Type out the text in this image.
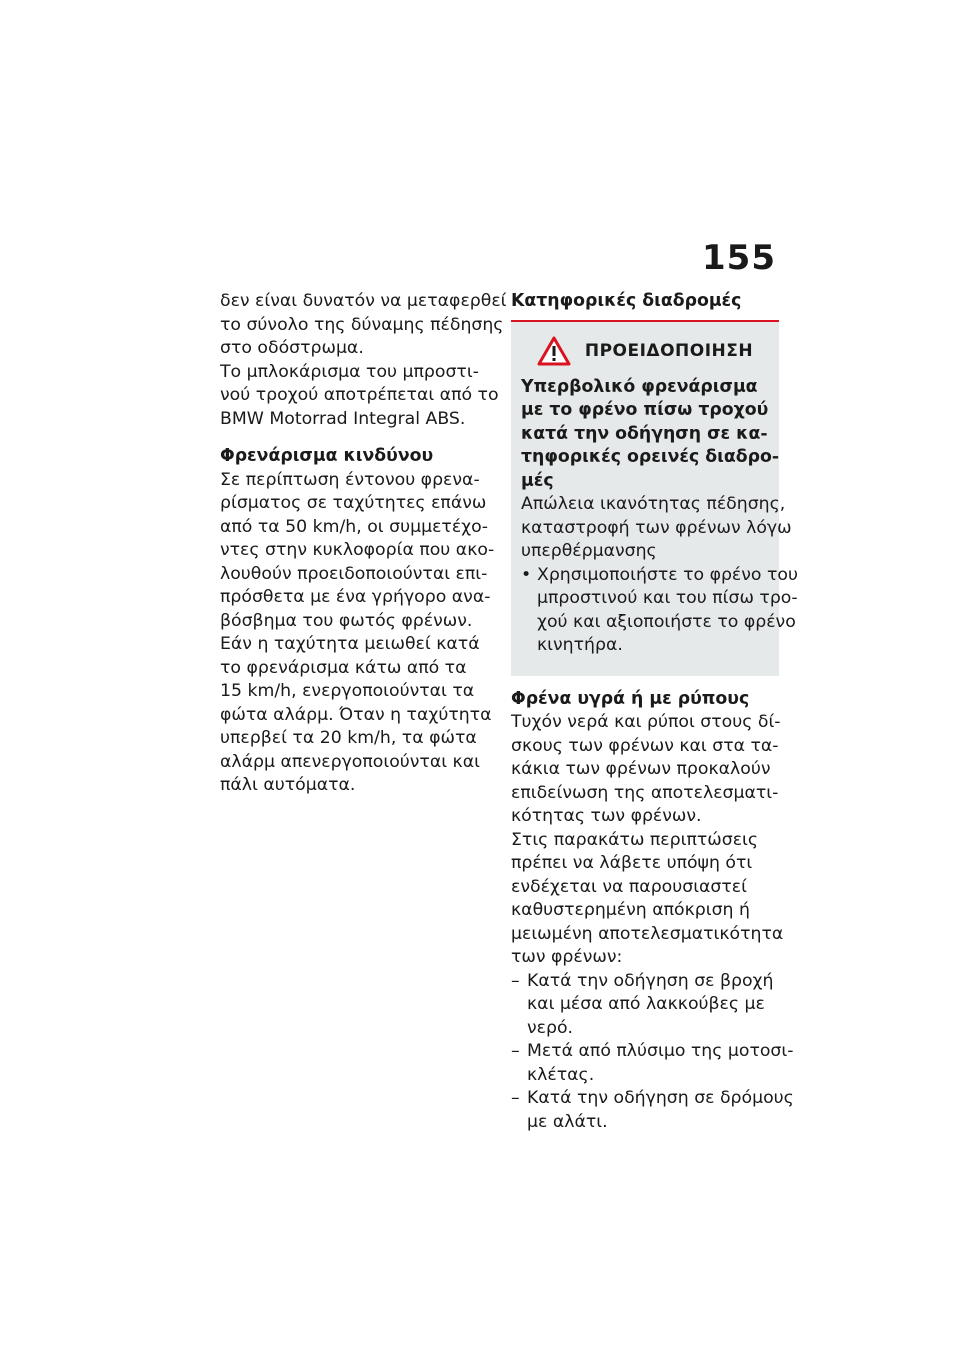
155
δεν είναι δυνατόν να μεταφερθεί
το σύνολο της δύναμης πέδησης
στο οδόστρωμα.
Το μπλοκάρισμα του μπροστι-
νού τροχού αποτρέπεται από το
BMW Motorrad Integral ABS.
Φρενάρισμα κινδύνου
Σε περίπτωση έντονου φρενα-
ρίσματος σε ταχύτητες επάνω
από τα 50 km/h, οι συμμετέχο-
ντες στην κυκλοφορία που ακο-
λουθούν προειδοποιούνται επι-
πρόσθετα με ένα γρήγορο ανα-
βόσβημα του φωτός φρένων.
Εάν η ταχύτητα μειωθεί κατά
το φρενάρισμα κάτω από τα
15 km/h, ενεργοποιούνται τα
φώτα αλάρμ. Όταν η ταχύτητα
υπερβεί τα 20 km/h, τα φώτα
αλάρμ απενεργοποιούνται και
πάλι αυτόματα.
Κατηφορικές διαδρομές
ΠΡΟΕΙΔΟΠΟΙΗΣΗ
Υπερβολικό φρενάρισμα
με το φρένο πίσω τροχού
κατά την οδήγηση σε κα-
τηφορικές ορεινές διαδρο-
μές
Απώλεια ικανότητας πέδησης,
καταστροφή των φρένων λόγω
υπερθέρμανσης
• Χρησιμοποιήστε το φρένο του
μπροστινού και του πίσω τρο-
χού και αξιοποιήστε το φρένο
κινητήρα.
Φρένα υγρά ή με ρύπους
Τυχόν νερά και ρύποι στους δί-
σκους των φρένων και στα τα-
κάκια των φρένων προκαλούν
επιδείνωση της αποτελεσματι-
κότητας των φρένων.
Στις παρακάτω περιπτώσεις
πρέπει να λάβετε υπόψη ότι
ενδέχεται να παρουσιαστεί
καθυστερημένη απόκριση ή
μειωμένη αποτελεσματικότητα
των φρένων:
– Κατά την οδήγηση σε βροχή
και μέσα από λακκούβες με
νερό.
– Μετά από πλύσιμο της μοτοσι-
κλέτας.
– Κατά την οδήγηση σε δρόμους
με αλάτι.
